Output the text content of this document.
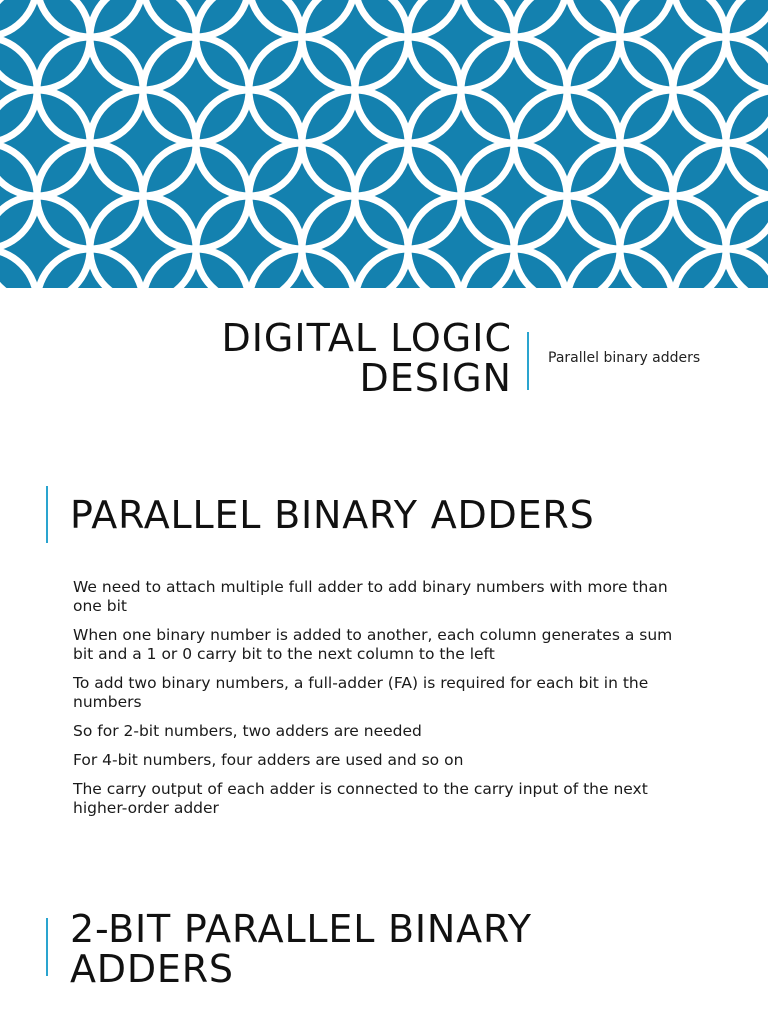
DIGITAL LOGIC DESIGN	Parallel binary adders
PARALLEL BINARY ADDERS
We need to attach multiple full adder to add binary numbers with more than one bit
When one binary number is added to another, each column generates a sum bit and a 1 or 0 carry bit to the next column to the left
To add two binary numbers, a full-adder (FA) is required for each bit in the numbers
So for 2-bit numbers, two adders are needed
For 4-bit numbers, four adders are used and so on
The carry output of each adder is connected to the carry input of the next higher-order adder
2-BIT PARALLEL BINARY ADDERS
